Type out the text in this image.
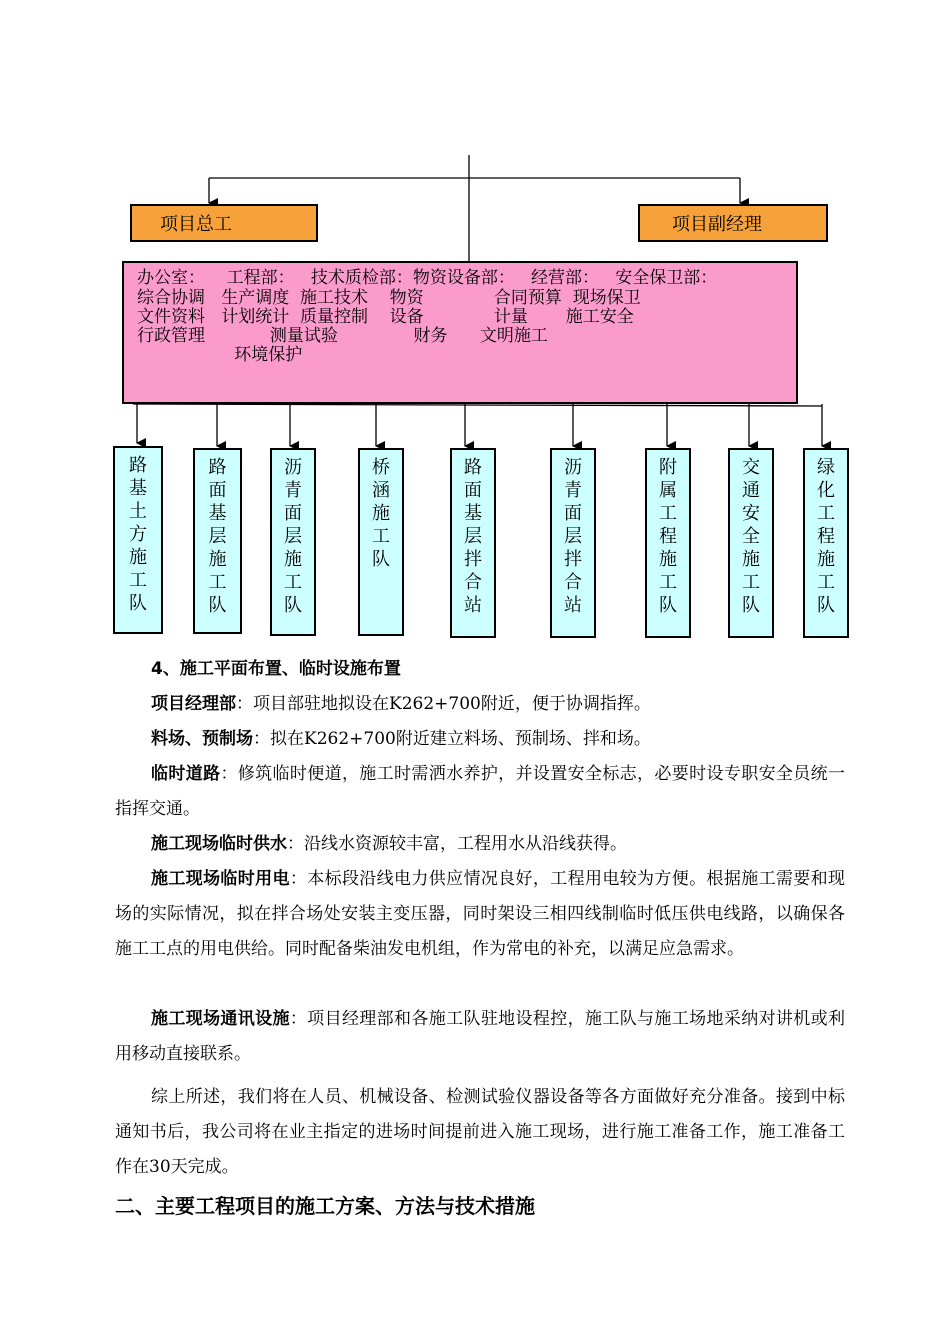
项目总工	项目副经理
办公室：    工程部：   技术质检部：物资设备部：   经营部：   安全保卫部：
综合协调   生产调度  施工技术    物资             合同预算  现场保卫
文件资料   计划统计  质量控制    设备             计量       施工安全
行政管理            测量试验              财务      文明施工
环境保护
路基土方施工队
路面基层施工队
沥青面层施工队
桥涵施工队
路面基层拌合站
沥青面层拌合站
附属工程施工队
交通安全施工队
绿化工程施工队
4、施工平面布置、临时设施布置
项目经理部：项目部驻地拟设在K262+700附近，便于协调指挥。
料场、预制场：拟在K262+700附近建立料场、预制场、拌和场。
临时道路：修筑临时便道，施工时需洒水养护，并设置安全标志，必要时设专职安全员统一指挥交通。
施工现场临时供水：沿线水资源较丰富，工程用水从沿线获得。
施工现场临时用电：本标段沿线电力供应情况良好，工程用电较为方便。根据施工需要和现场的实际情况，拟在拌合场处安装主变压器，同时架设三相四线制临时低压供电线路，以确保各施工工点的用电供给。同时配备柴油发电机组，作为常电的补充，以满足应急需求。
施工现场通讯设施：项目经理部和各施工队驻地设程控，施工队与施工场地采纳对讲机或利用移动直接联系。
综上所述，我们将在人员、机械设备、检测试验仪器设备等各方面做好充分准备。接到中标通知书后，我公司将在业主指定的进场时间提前进入施工现场，进行施工准备工作，施工准备工作在30天完成。
二、主要工程项目的施工方案、方法与技术措施
